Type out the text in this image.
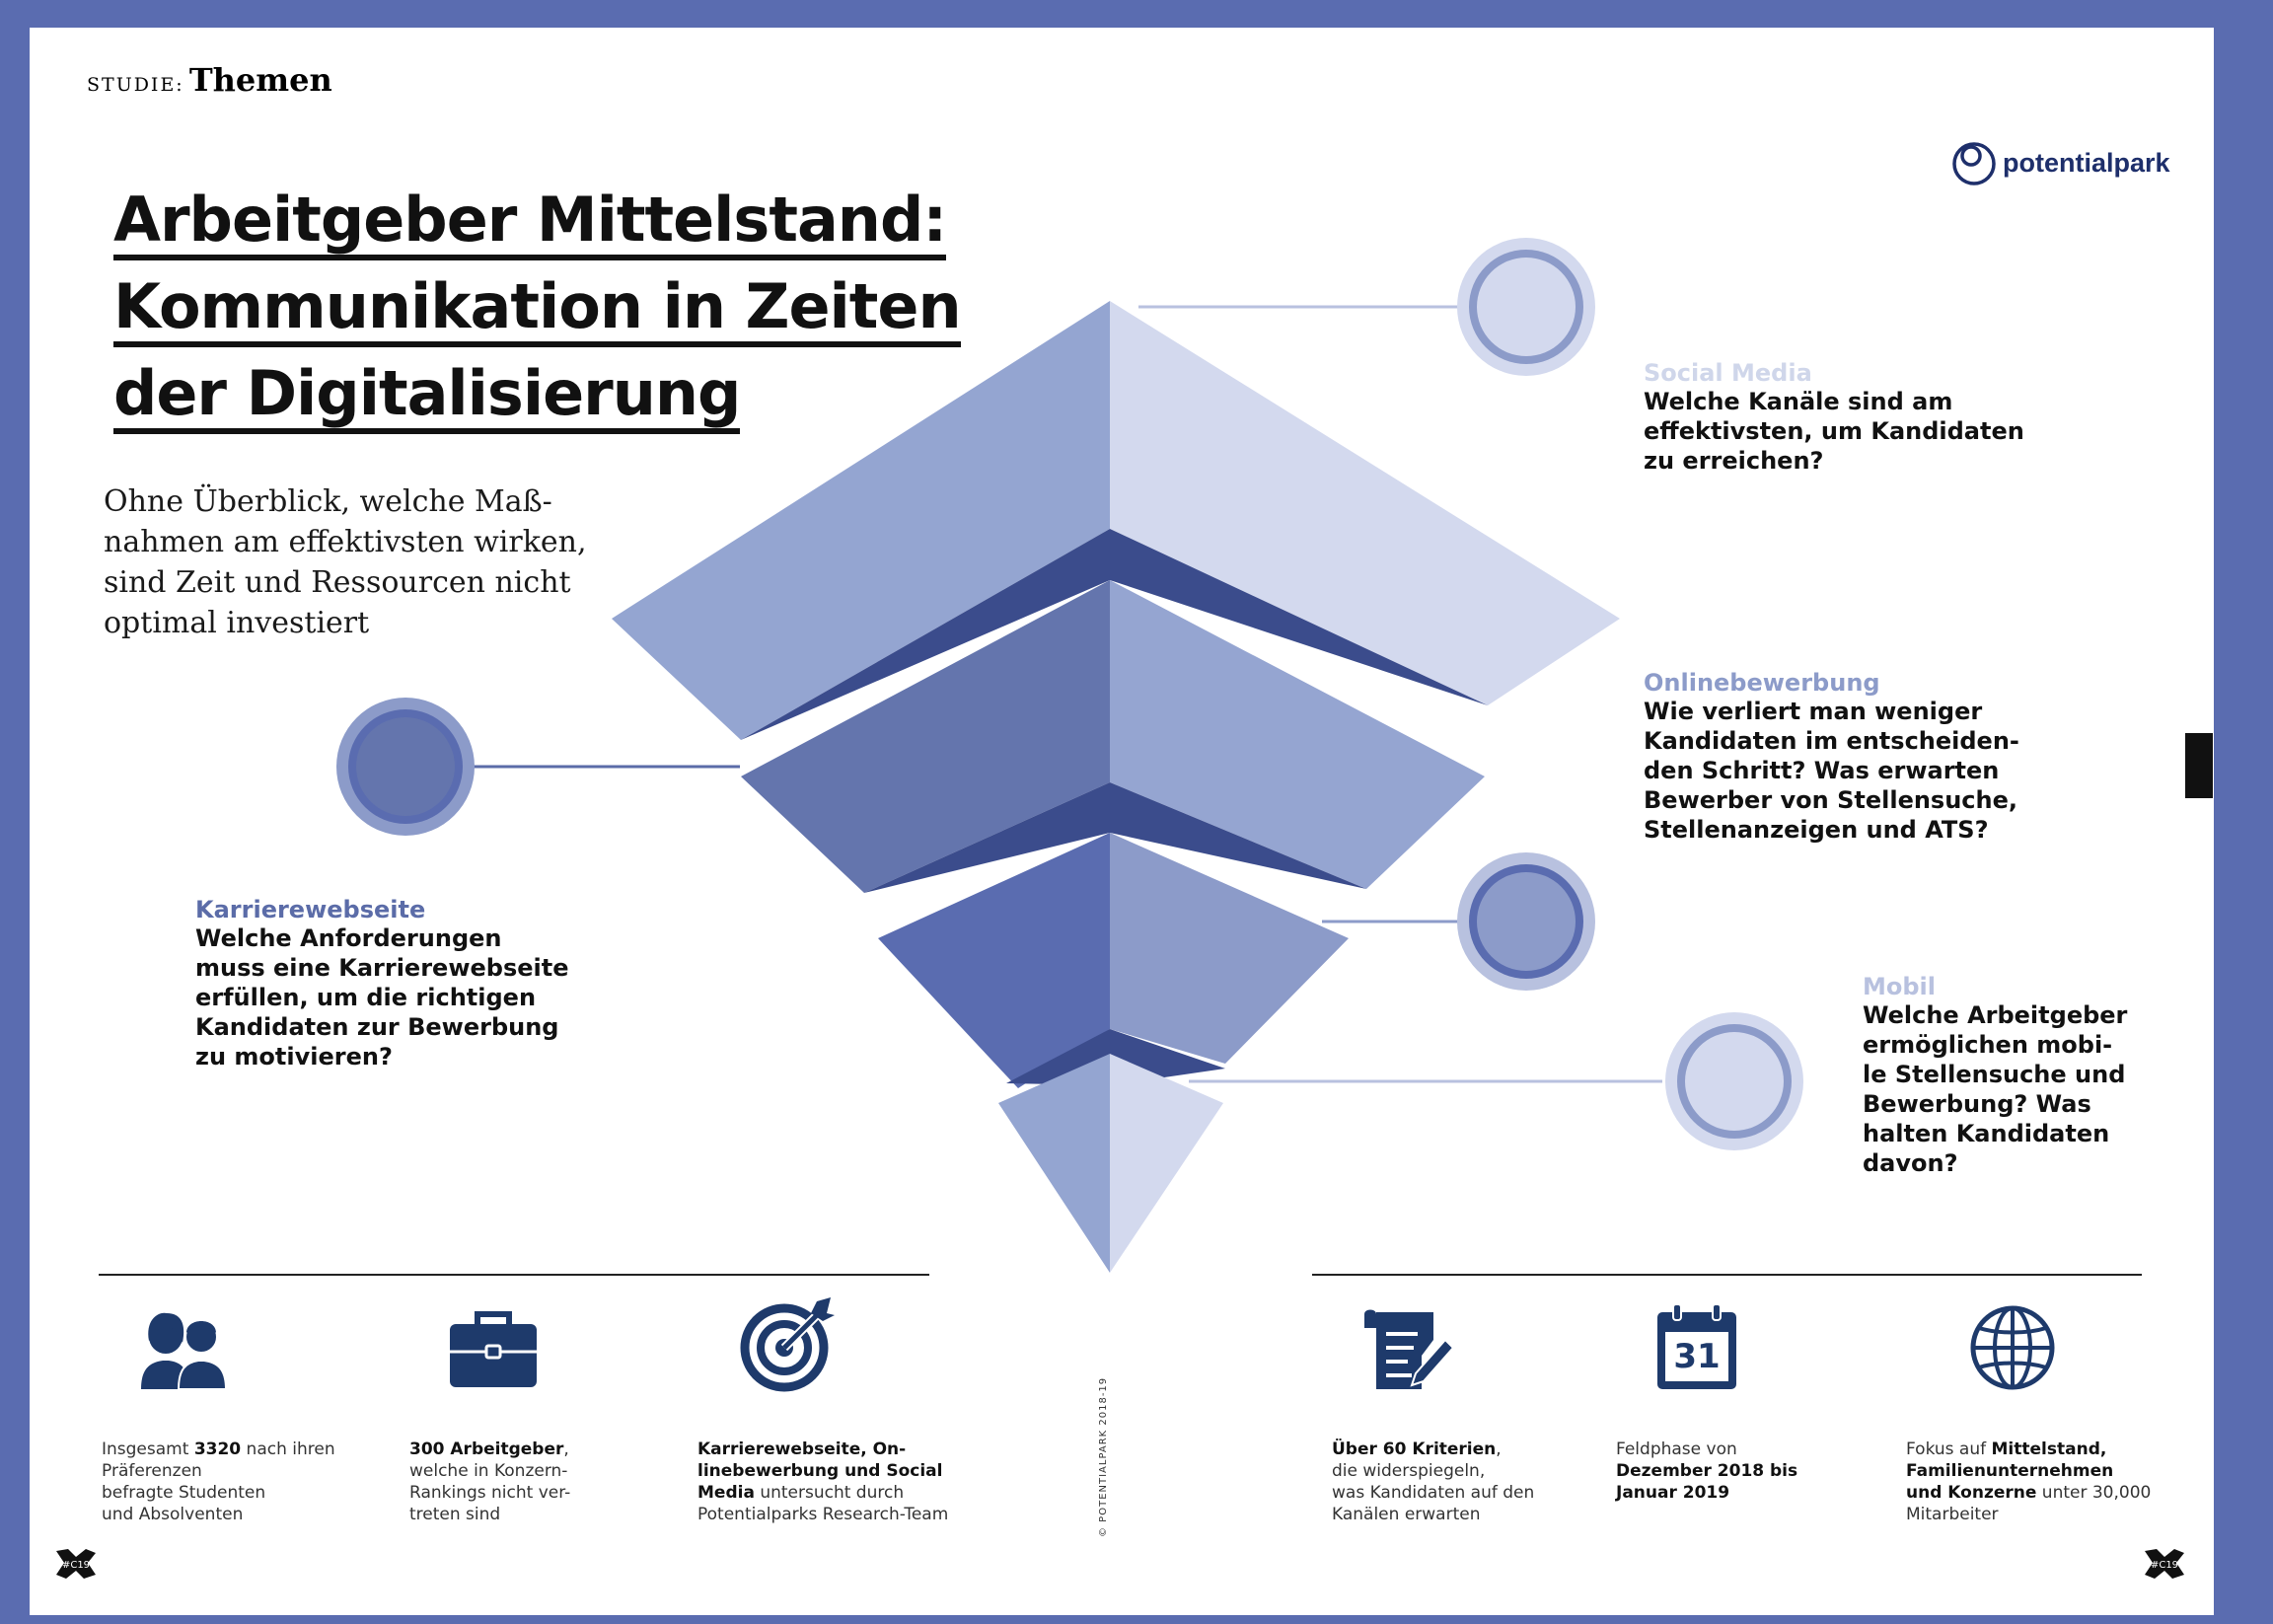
STUDIE: Themen
potentialpark
Arbeitgeber Mittelstand:
Kommunikation in Zeiten
der Digitalisierung

Ohne Überblick, welche Maß-
nahmen am effektivsten wirken,
sind Zeit und Ressourcen nicht
optimal investiert

Social Media

Welche Kanäle sind am
effektivsten, um Kandidaten
zu erreichen?

Onlinebewerbung

Wie verliert man weniger
Kandidaten im entscheiden-
den Schritt? Was erwarten
Bewerber von Stellensuche,
Stellenanzeigen und ATS?

Karrierewebseite

Welche Anforderungen
muss eine Karrierewebseite
erfüllen, um die richtigen
Kandidaten zur Bewerbung
zu motivieren?

Mobil

Welche Arbeitgeber
ermöglichen mobi-
le Stellensuche und
Bewerbung? Was
halten Kandidaten
davon?

Insgesamt 3320 nach ihren
Präferenzen
befragte Studenten
und Absolventen

300 Arbeitgeber,
welche in Konzern-
Rankings nicht ver-
treten sind

Karrierewebseite, On-
linebewerbung und Social
Media untersucht durch
Potentialparks Research-Team	© POTENTIALPARK 2018-19	Über 60 Kriterien,
die widerspiegeln,
was Kandidaten auf den
Kanälen erwarten

31

Feldphase von
Dezember 2018 bis
Januar 2019

Fokus auf Mittelstand,
Familienunternehmen
und Konzerne unter 30,000
Mitarbeiter

#C19	#C19
